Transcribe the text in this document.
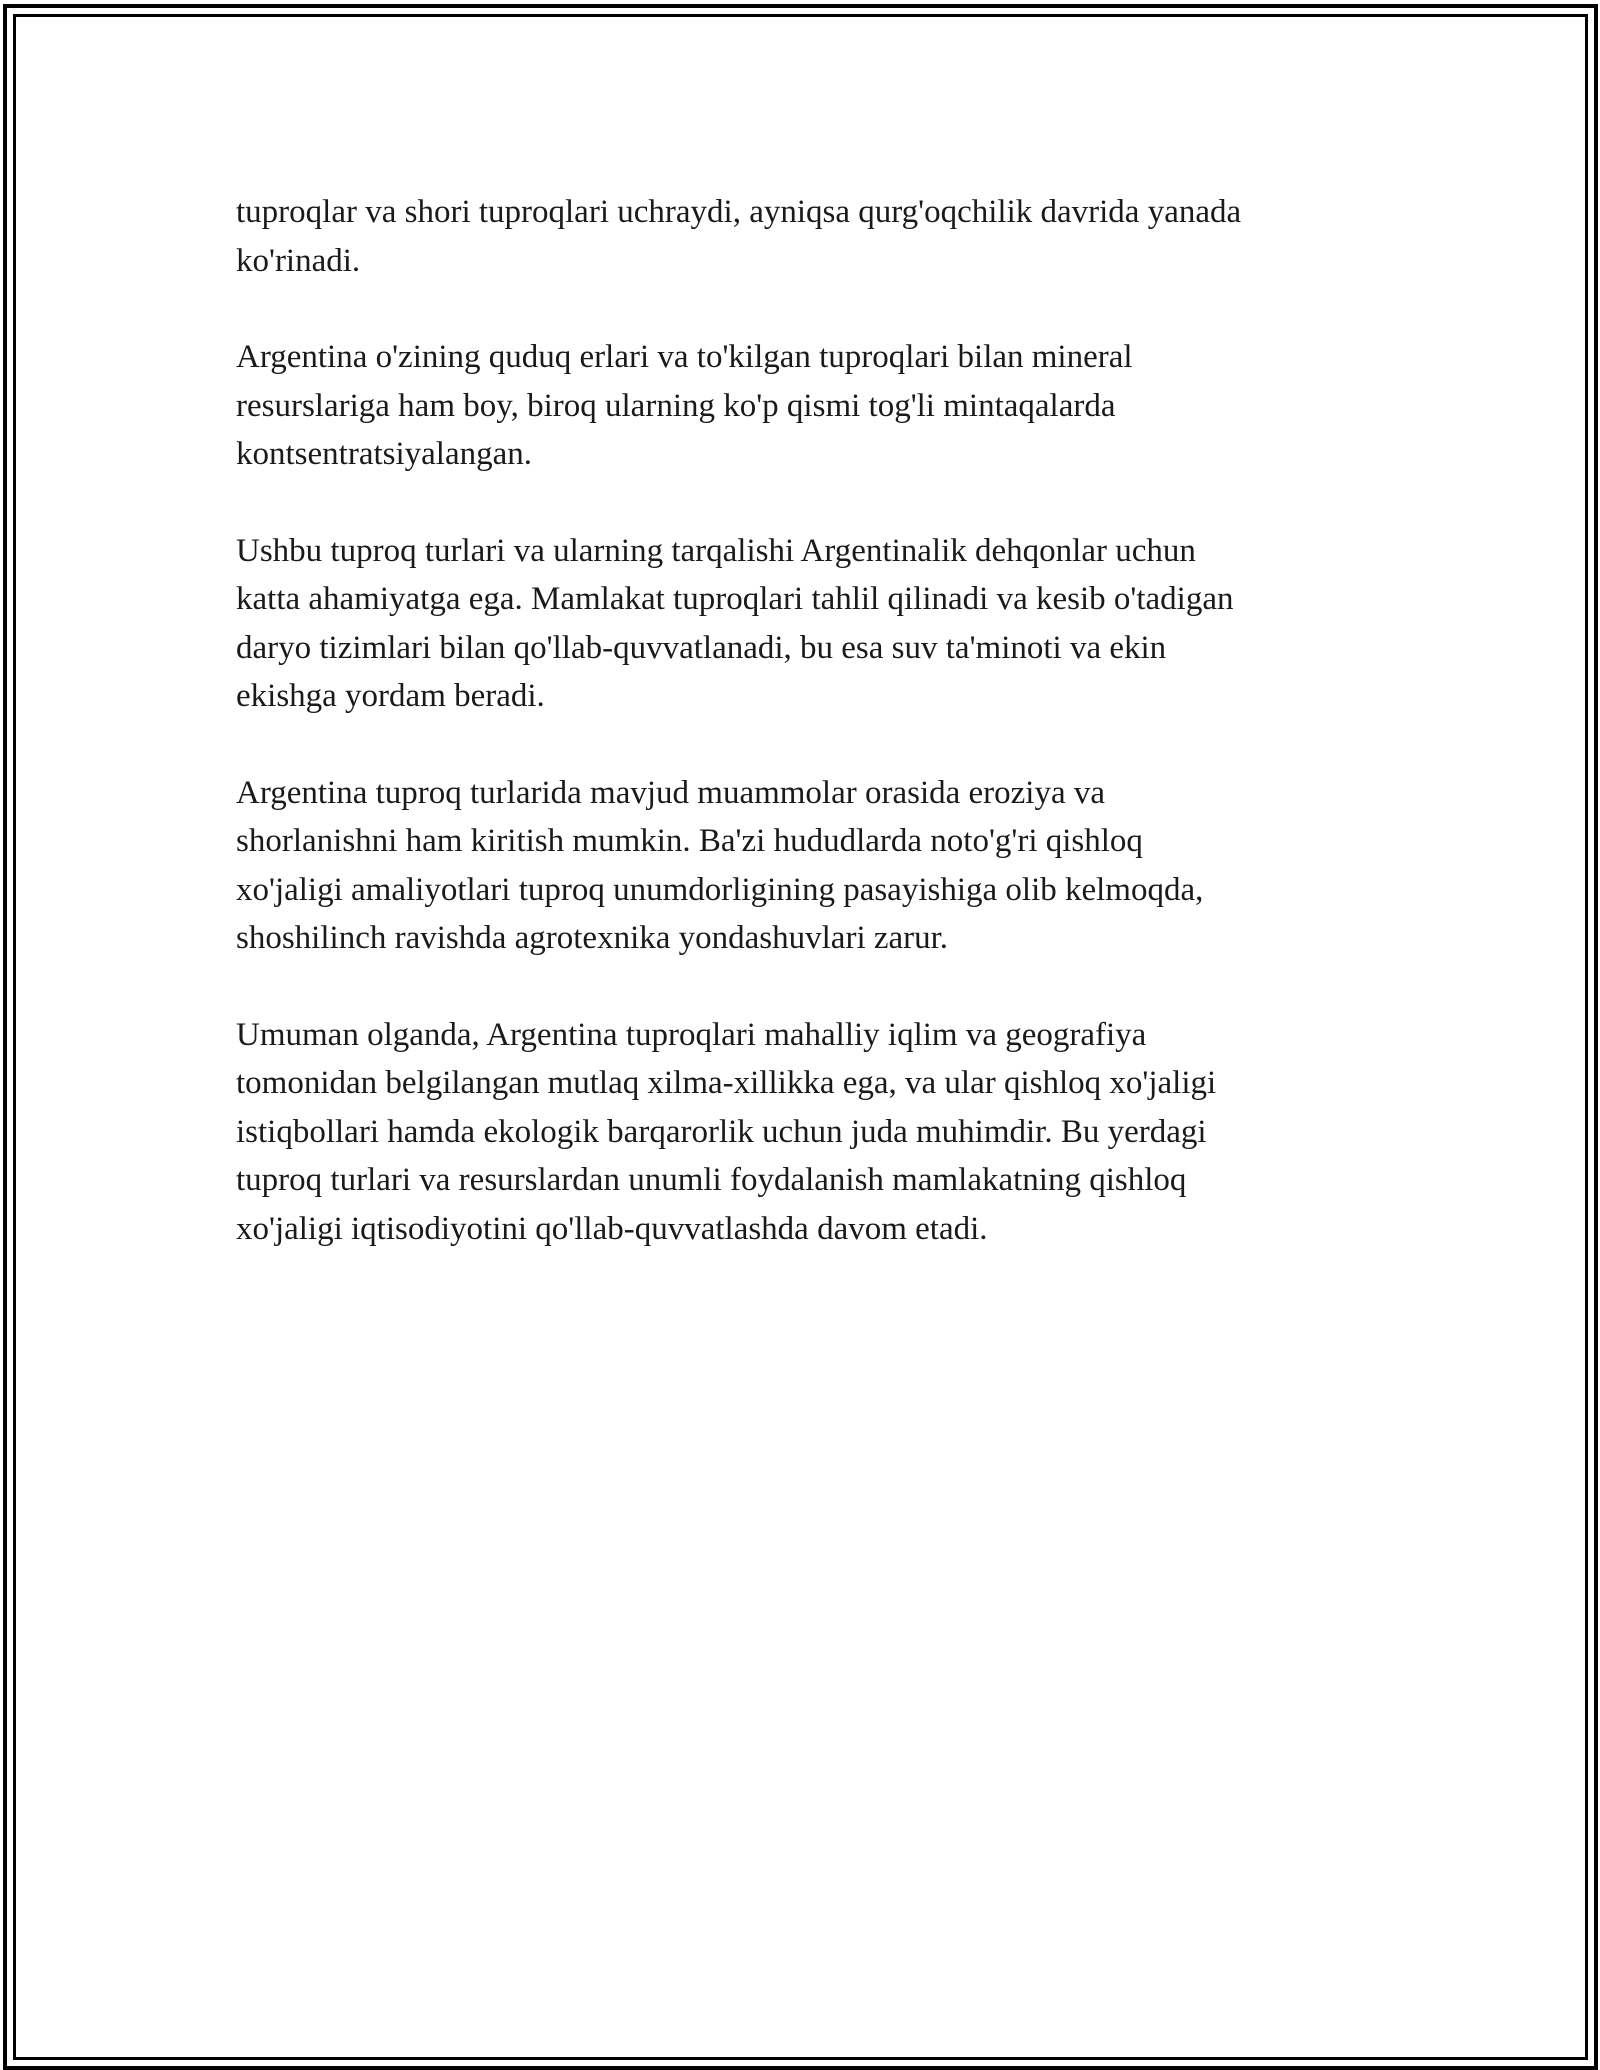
tuproqlar va shori tuproqlari uchraydi, ayniqsa qurg'oqchilik davrida yanada
ko'rinadi.

Argentina o'zining quduq erlari va to'kilgan tuproqlari bilan mineral
resurslariga ham boy, biroq ularning ko'p qismi tog'li mintaqalarda
kontsentratsiyalangan.

Ushbu tuproq turlari va ularning tarqalishi Argentinalik dehqonlar uchun
katta ahamiyatga ega. Mamlakat tuproqlari tahlil qilinadi va kesib o'tadigan
daryo tizimlari bilan qo'llab-quvvatlanadi, bu esa suv ta'minoti va ekin
ekishga yordam beradi.

Argentina tuproq turlarida mavjud muammolar orasida eroziya va
shorlanishni ham kiritish mumkin. Ba'zi hududlarda noto'g'ri qishloq
xo'jaligi amaliyotlari tuproq unumdorligining pasayishiga olib kelmoqda,
shoshilinch ravishda agrotexnika yondashuvlari zarur.

Umuman olganda, Argentina tuproqlari mahalliy iqlim va geografiya
tomonidan belgilangan mutlaq xilma-xillikka ega, va ular qishloq xo'jaligi
istiqbollari hamda ekologik barqarorlik uchun juda muhimdir. Bu yerdagi
tuproq turlari va resurslardan unumli foydalanish mamlakatning qishloq
xo'jaligi iqtisodiyotini qo'llab-quvvatlashda davom etadi.
